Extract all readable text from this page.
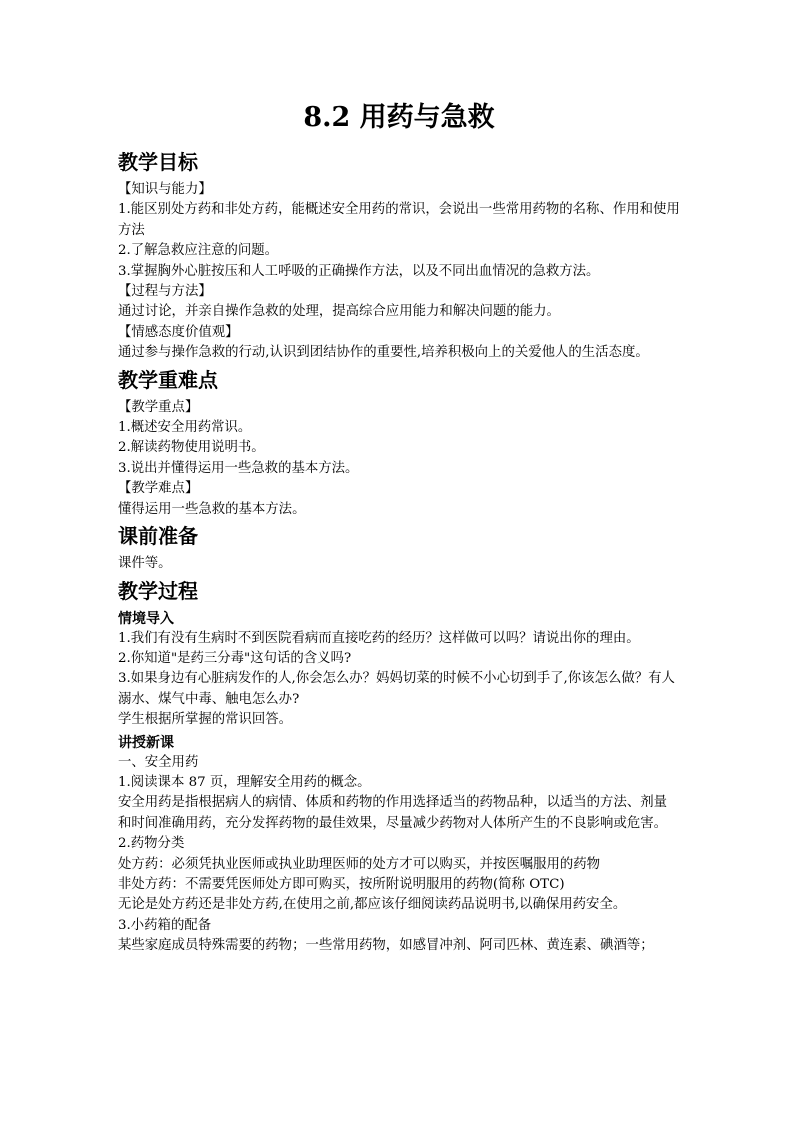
8.2 用药与急救
教学目标

【知识与能力】

1.能区别处方药和非处方药，能概述安全用药的常识，会说出一些常用药物的名称、作用和使用方法

2.了解急救应注意的问题。

3.掌握胸外心脏按压和人工呼吸的正确操作方法，以及不同出血情况的急救方法。

【过程与方法】

通过讨论，并亲自操作急救的处理，提高综合应用能力和解决问题的能力。

【情感态度价值观】

通过参与操作急救的行动,认识到团结协作的重要性,培养积极向上的关爱他人的生活态度。

教学重难点

【教学重点】

1.概述安全用药常识。

2.解读药物使用说明书。

3.说出并懂得运用一些急救的基本方法。

【教学难点】

懂得运用一些急救的基本方法。

课前准备

课件等。

教学过程
情境导入

1.我们有没有生病时不到医院看病而直接吃药的经历？这样做可以吗？请说出你的理由。

2.你知道"是药三分毒"这句话的含义吗?

3.如果身边有心脏病发作的人,你会怎么办？妈妈切菜的时候不小心切到手了,你该怎么做？有人溺水、煤气中毒、触电怎么办?

学生根据所掌握的常识回答。

讲授新课

一、安全用药

1.阅读课本 87 页，理解安全用药的概念。

安全用药是指根据病人的病情、体质和药物的作用选择适当的药物品种，以适当的方法、剂量和时间准确用药，充分发挥药物的最佳效果，尽量减少药物对人体所产生的不良影响或危害。

2.药物分类

处方药：必须凭执业医师或执业助理医师的处方才可以购买，并按医嘱服用的药物

非处方药：不需要凭医师处方即可购买，按所附说明服用的药物(简称 OTC)

无论是处方药还是非处方药,在使用之前,都应该仔细阅读药品说明书,以确保用药安全。

3.小药箱的配备

某些家庭成员特殊需要的药物；一些常用药物，如感冒冲剂、阿司匹林、黄连素、碘酒等；
